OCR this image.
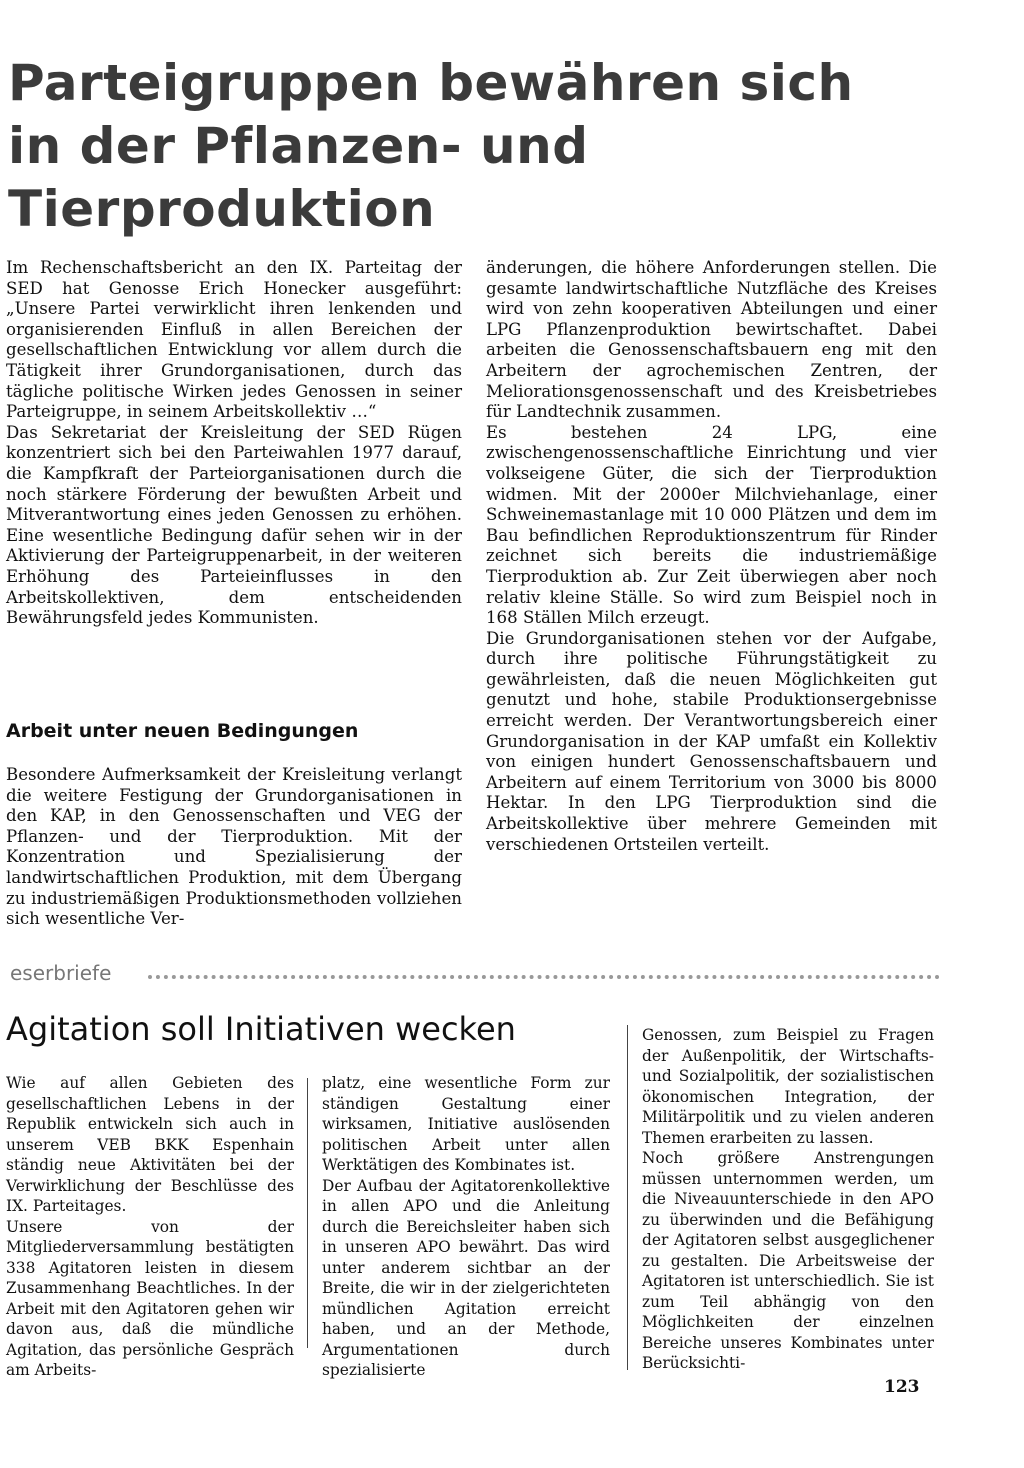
Parteigruppen bewähren sich in der Pflanzen- und Tierproduktion

Im Rechenschaftsbericht an den IX. Parteitag der SED hat Genosse Erich Honecker ausgeführt: „Unsere Partei verwirklicht ihren lenkenden und organisierenden Einfluß in allen Bereichen der gesellschaftlichen Entwicklung vor allem durch die Tätigkeit ihrer Grundorganisationen, durch das tägliche politische Wirken jedes Genossen in seiner Parteigruppe, in seinem Arbeitskollektiv …“

Das Sekretariat der Kreisleitung der SED Rügen konzentriert sich bei den Parteiwahlen 1977 darauf, die Kampfkraft der Parteiorganisationen durch die noch stärkere Förderung der bewußten Arbeit und Mitverantwortung eines jeden Genossen zu erhöhen. Eine wesentliche Bedingung dafür sehen wir in der Aktivierung der Parteigruppenarbeit, in der weiteren Erhöhung des Parteieinflusses in den Arbeitskollektiven, dem entscheidenden Bewährungsfeld jedes Kommunisten.

Arbeit unter neuen Bedingungen

Besondere Aufmerksamkeit der Kreisleitung verlangt die weitere Festigung der Grundorganisationen in den KAP, in den Genossenschaften und VEG der Pflanzen- und der Tierproduktion. Mit der Konzentration und Spezialisierung der landwirtschaftlichen Produktion, mit dem Übergang zu industriemäßigen Produktionsmethoden vollziehen sich wesentliche Ver-

änderungen, die höhere Anforderungen stellen. Die gesamte landwirtschaftliche Nutzfläche des Kreises wird von zehn kooperativen Abteilungen und einer LPG Pflanzenproduktion bewirtschaftet. Dabei arbeiten die Genossenschaftsbauern eng mit den Arbeitern der agrochemischen Zentren, der Meliorationsgenossenschaft und des Kreisbetriebes für Landtechnik zusammen.

Es bestehen 24 LPG, eine zwischengenossenschaftliche Einrichtung und vier volkseigene Güter, die sich der Tierproduktion widmen. Mit der 2000er Milchviehanlage, einer Schweinemastanlage mit 10 000 Plätzen und dem im Bau befindlichen Reproduktionszentrum für Rinder zeichnet sich bereits die industriemäßige Tierproduktion ab. Zur Zeit überwiegen aber noch relativ kleine Ställe. So wird zum Beispiel noch in 168 Ställen Milch erzeugt.

Die Grundorganisationen stehen vor der Aufgabe, durch ihre politische Führungstätigkeit zu gewährleisten, daß die neuen Möglichkeiten gut genutzt und hohe, stabile Produktionsergebnisse erreicht werden. Der Verantwortungsbereich einer Grundorganisation in der KAP umfaßt ein Kollektiv von einigen hundert Genossenschaftsbauern und Arbeitern auf einem Territorium von 3000 bis 8000 Hektar. In den LPG Tierproduktion sind die Arbeitskollektive über mehrere Gemeinden mit verschiedenen Ortsteilen verteilt.

eserbriefe
Agitation soll Initiativen wecken

Wie auf allen Gebieten des gesellschaftlichen Lebens in der Republik entwickeln sich auch in unserem VEB BKK Espenhain ständig neue Aktivitäten bei der Verwirklichung der Beschlüsse des IX. Parteitages.

Unsere von der Mitgliederversammlung bestätigten 338 Agitatoren leisten in diesem Zusammenhang Beachtliches. In der Arbeit mit den Agitatoren gehen wir davon aus, daß die mündliche Agitation, das persönliche Gespräch am Arbeits-

platz, eine wesentliche Form zur ständigen Gestaltung einer wirksamen, Initiative auslösenden politischen Arbeit unter allen Werktätigen des Kombinates ist.

Der Aufbau der Agitatorenkollektive in allen APO und die Anleitung durch die Bereichsleiter haben sich in unseren APO bewährt. Das wird unter anderem sichtbar an der Breite, die wir in der zielgerichteten mündlichen Agitation erreicht haben, und an der Methode, Argumentationen durch spezialisierte

Genossen, zum Beispiel zu Fragen der Außenpolitik, der Wirtschafts- und Sozialpolitik, der sozialistischen ökonomischen Integration, der Militärpolitik und zu vielen anderen Themen erarbeiten zu lassen.

Noch größere Anstrengungen müssen unternommen werden, um die Niveauunterschiede in den APO zu überwinden und die Befähigung der Agitatoren selbst ausgeglichener zu gestalten. Die Arbeitsweise der Agitatoren ist unterschiedlich. Sie ist zum Teil abhängig von den Möglichkeiten der einzelnen Bereiche unseres Kombinates unter Berücksichti-

123
